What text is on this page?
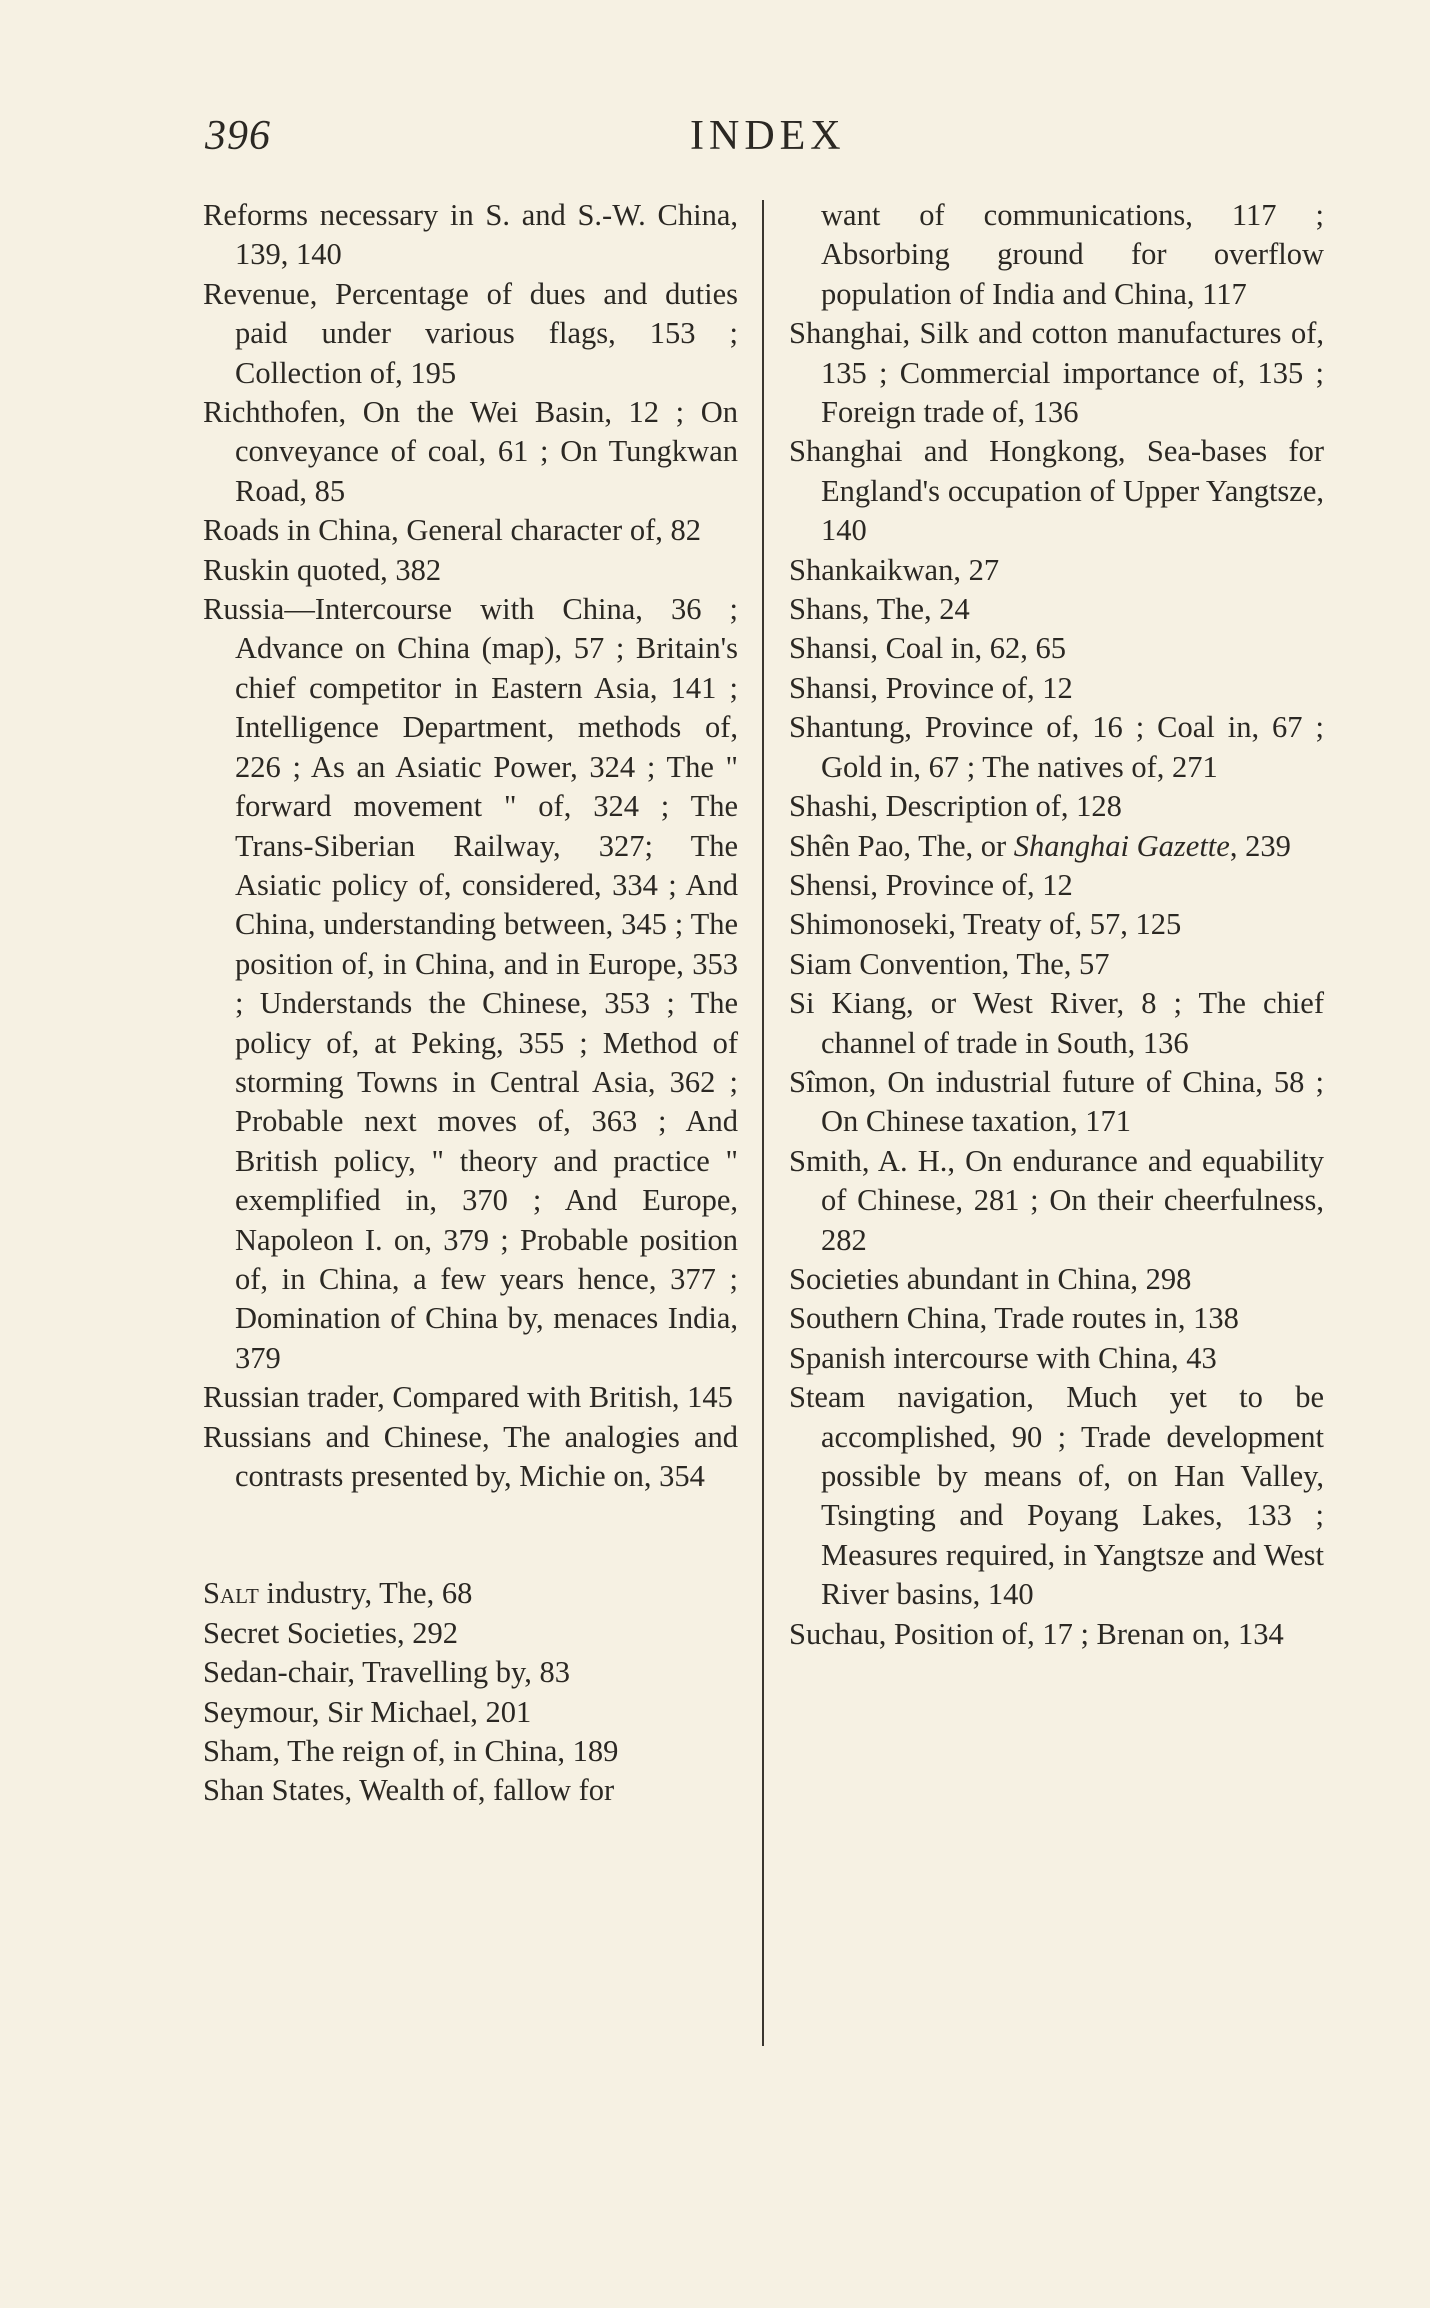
396	INDEX
Reforms necessary in S. and S.-W. China, 139, 140
Revenue, Percentage of dues and duties paid under various flags, 153 ; Collection of, 195
Richthofen, On the Wei Basin, 12 ; On conveyance of coal, 61 ; On Tungkwan Road, 85
Roads in China, General character of, 82
Ruskin quoted, 382
Russia—Intercourse with China, 36 ; Advance on China (map), 57 ; Britain's chief competitor in Eastern Asia, 141 ; Intelligence Department, methods of, 226 ; As an Asiatic Power, 324 ; The " forward movement " of, 324 ; The Trans-Siberian Railway, 327; The Asiatic policy of, considered, 334 ; And China, understanding between, 345 ; The position of, in China, and in Europe, 353 ; Understands the Chinese, 353 ; The policy of, at Peking, 355 ; Method of storming Towns in Central Asia, 362 ; Probable next moves of, 363 ; And British policy, " theory and practice " exemplified in, 370 ; And Europe, Napoleon I. on, 379 ; Probable position of, in China, a few years hence, 377 ; Domination of China by, menaces India, 379
Russian trader, Compared with British, 145
Russians and Chinese, The analogies and contrasts presented by, Michie on, 354
Salt industry, The, 68
Secret Societies, 292
Sedan-chair, Travelling by, 83
Seymour, Sir Michael, 201
Sham, The reign of, in China, 189
Shan States, Wealth of, fallow for
want of communications, 117 ; Absorbing ground for overflow population of India and China, 117
Shanghai, Silk and cotton manufactures of, 135 ; Commercial importance of, 135 ; Foreign trade of, 136
Shanghai and Hongkong, Sea-bases for England's occupation of Upper Yangtsze, 140
Shankaikwan, 27
Shans, The, 24
Shansi, Coal in, 62, 65
Shansi, Province of, 12
Shantung, Province of, 16 ; Coal in, 67 ; Gold in, 67 ; The natives of, 271
Shashi, Description of, 128
Shên Pao, The, or Shanghai Gazette, 239
Shensi, Province of, 12
Shimonoseki, Treaty of, 57, 125
Siam Convention, The, 57
Si Kiang, or West River, 8 ; The chief channel of trade in South, 136
Sîmon, On industrial future of China, 58 ; On Chinese taxation, 171
Smith, A. H., On endurance and equability of Chinese, 281 ; On their cheerfulness, 282
Societies abundant in China, 298
Southern China, Trade routes in, 138
Spanish intercourse with China, 43
Steam navigation, Much yet to be accomplished, 90 ; Trade development possible by means of, on Han Valley, Tsingting and Poyang Lakes, 133 ; Measures required, in Yangtsze and West River basins, 140
Suchau, Position of, 17 ; Brenan on, 134
